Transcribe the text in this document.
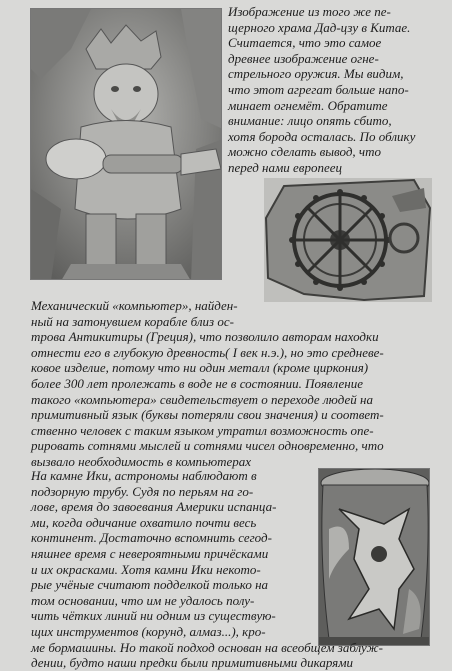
Изображение из того же пе-
щерного храма Дад-цзу в Китае.
Считается, что это самое
древнее изображение огне-
стрельного оружия. Мы видим,
что этот агрегат больше напо-
минает огнемёт. Обратите
внимание: лицо опять сбито,
хотя борода осталась. По облику
можно сделать вывод, что
перед нами европеец
Механический «компьютер», найден-
ный на затонувшем корабле близ ос-
трова Антикитиры (Греция), что позволило авторам находки
отнести его в глубокую древность( I век н.э.), но это средневе-
ковое изделие, потому что ни один металл (кроме циркония)
более 300 лет пролежать в воде не в состоянии. Появление
такого «компьютера» свидетельствует о переходе людей на
примитивный язык (буквы потеряли свои значения) и соответ-
ственно человек с таким языком утратил возможность опе-
рировать сотнями мыслей и сотнями чисел одновременно, что
вызвало необходимость в компьютерах
На камне Ики, астрономы наблюдают в
подзорную трубу. Судя по перьям на го-
ловe, время до завоевания Америки испанца-
ми, когда одичание охватило почти весь
континент. Достаточно вспомнить сегод-
няшнее время с невероятными причёсками
и их окрасками. Хотя камни Ики некото-
рые учёные считают подделкой только на
том основании, что им не удалось полу-
чить чётких линий ни одним из существую-
щих инструментов (корунд, алмаз...), кро-
ме бормашины. Но такой подход основан на всеобщем заблуж-
дении, будто наши предки были примитивными дикарями
